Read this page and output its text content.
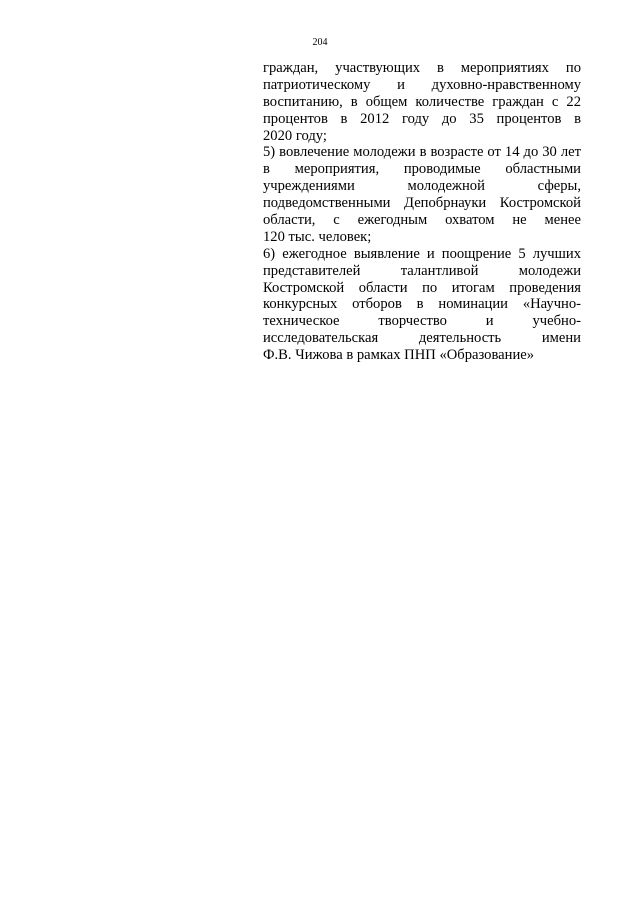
204
граждан, участвующих в мероприятиях по
патриотическому и духовно-нравственному
воспитанию, в общем количестве граждан с 22
процентов в 2012 году до 35 процентов в
2020 году;
5) вовлечение молодежи в возрасте от 14 до 30 лет
в мероприятия, проводимые областными
учреждениями молодежной сферы,
подведомственными Депобрнауки Костромской
области, с ежегодным охватом не менее
120 тыс. человек;
6) ежегодное выявление и поощрение 5 лучших
представителей талантливой молодежи
Костромской области по итогам проведения
конкурсных отборов в номинации «Научно-
техническое творчество и учебно-
исследовательская деятельность имени
Ф.В. Чижова в рамках ПНП «Образование»
